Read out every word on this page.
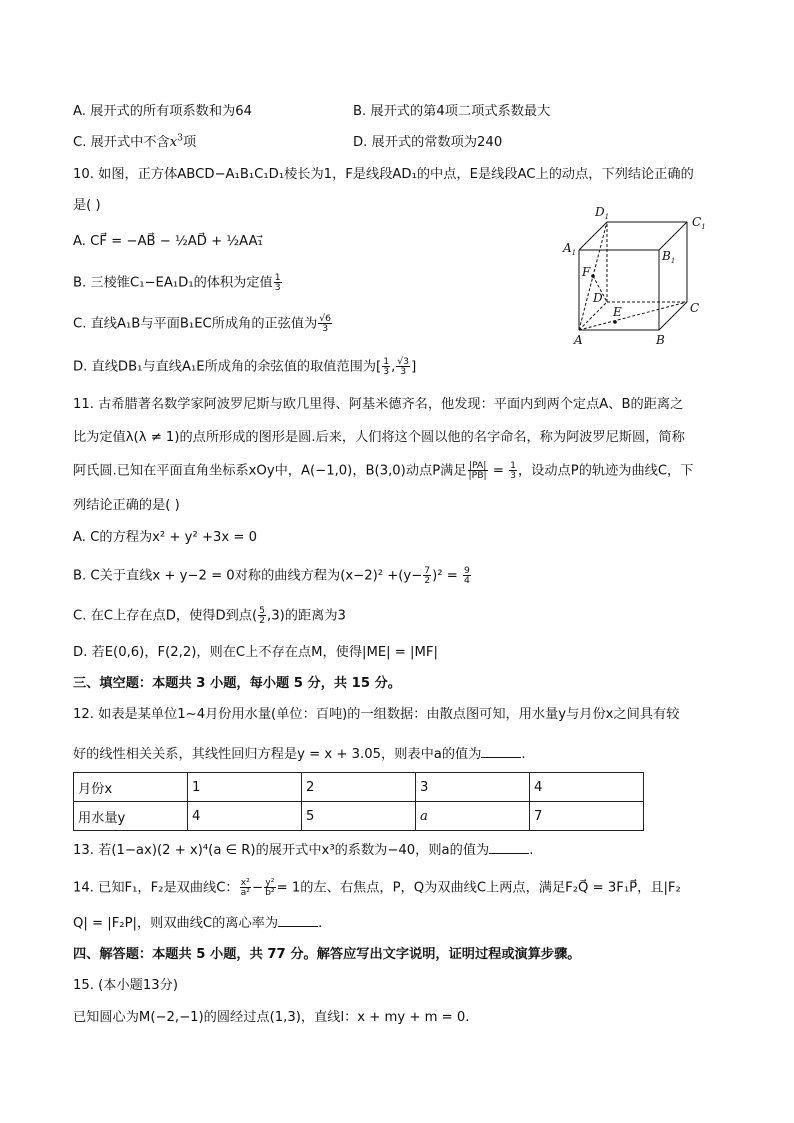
A. 展开式的所有项系数和为64	B. 展开式的第4项二项式系数最大
C. 展开式中不含$x^3$项	D. 展开式的常数项为240
10. 如图，正方体ABCD−A₁B₁C₁D₁棱长为1，F是线段AD₁的中点，E是线段AC上的动点，下列结论正确的
是( )
A. CF⃗ = −AB⃗ − ½AD⃗ + ½AA₁⃗
B. 三棱锥C₁−EA₁D₁的体积为定值 $\frac{1}{3}$
C. 直线A₁B与平面B₁EC所成角的正弦值为 $\frac{√6}{3}$
D. 直线DB₁与直线A₁E所成角的余弦值的取值范围为[ $\frac{1}{3}$ , $\frac{√3}{3}$ ]
$D_1$	$C_1$
$A_1$	$B_1$
F
D
E	C
A	B
11. 古希腊著名数学家阿波罗尼斯与欧几里得、阿基米德齐名，他发现：平面内到两个定点A、B的距离之
比为定值λ(λ ≠ 1)的点所形成的图形是圆.后来，人们将这个圆以他的名字命名，称为阿波罗尼斯圆，简称
阿氏圆.已知在平面直角坐标系xOy中，A(−1,0)，B(3,0)动点P满足 $\frac{|PA|}{|PB|} = \frac{1}{3}$ ，设动点P的轨迹为曲线C，下
列结论正确的是( )
A. C的方程为x² + y² +3x = 0
B. C关于直线x + y−2 = 0对称的曲线方程为$(x-2)^2 +(y- \frac{7}{2} )^2 = \frac{9}{4}$
C. 在C上存在点D，使得D到点( $\frac{5}{2} ,3$)的距离为3
D. 若E(0,6)，F(2,2)，则在C上不存在点M，使得|ME| = |MF|
三、填空题：本题共 3 小题，每小题 5 分，共 15 分。
12. 如表是某单位1∼4月份用水量(单位：百吨)的一组数据：由散点图可知，用水量y与月份x之间具有较
好的线性相关关系，其线性回归方程是y = x + 3.05，则表中a的值为	.
月份x	1	2	3	4
用水量y	4	5	a	7
13. 若(1−ax)(2 + x)⁴(a ∈ R)的展开式中x³的系数为−40，则a的值为	.
14. 已知F₁，F₂是双曲线C： $\frac{\text{x²}}{\text{a²}} - \frac{\text{y²}}{\text{b²}} = 1$的左、右焦点，P，Q为双曲线C上两点，满足F₂Q⃗ = 3F₁P⃗，且|F₂
Q| = |F₂P|，则双曲线C的离心率为	.
四、解答题：本题共 5 小题，共 77 分。解答应写出文字说明，证明过程或演算步骤。
15. (本小题13分)
已知圆心为M(−2,−1)的圆经过点(1,3)，直线l：x + my + m = 0.
